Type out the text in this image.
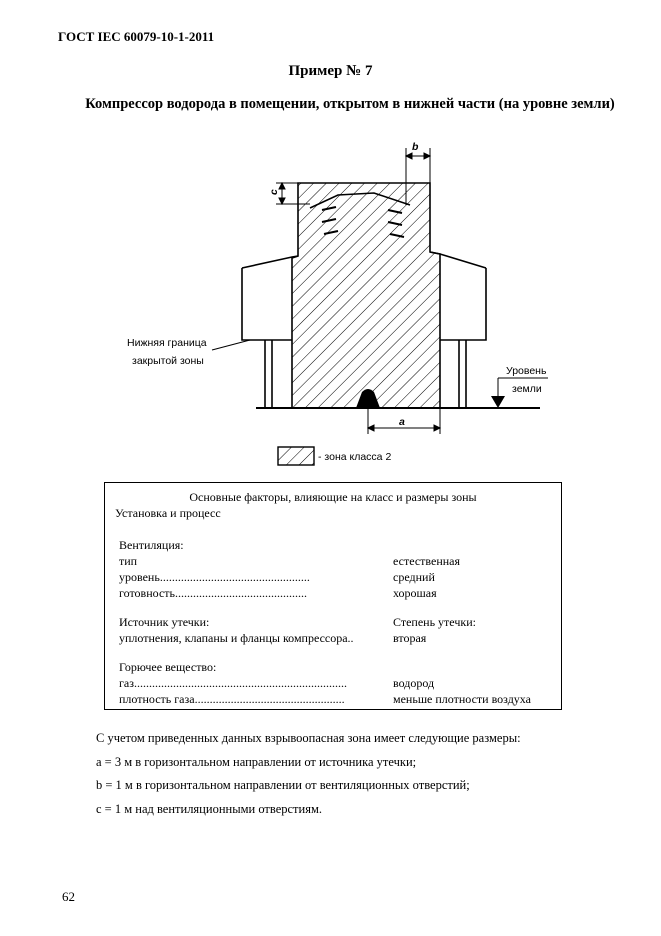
ГОСТ IEC 60079-10-1-2011
Пример № 7
Компрессор водорода в помещении, открытом в нижней части (на уровне земли)
b
c
a
Нижняя граница
закрытой зоны
Уровень
земли
- зона класса 2
Основные факторы, влияющие на класс и размеры зоны
Установка и процесс
Вентиляция:
тип	естественная
уровень..................................................	средний
готовность............................................	хорошая
Источник утечки:	Степень утечки:
уплотнения, клапаны и фланцы компрессора..	вторая
Горючее вещество:
газ.......................................................................	водород
плотность газа..................................................	меньше плотности воздуха
С учетом приведенных данных взрывоопасная зона имеет следующие размеры:
a = 3 м в горизонтальном направлении от источника утечки;
b = 1 м в горизонтальном направлении от вентиляционных отверстий;
c = 1 м над вентиляционными отверстиям.
62
